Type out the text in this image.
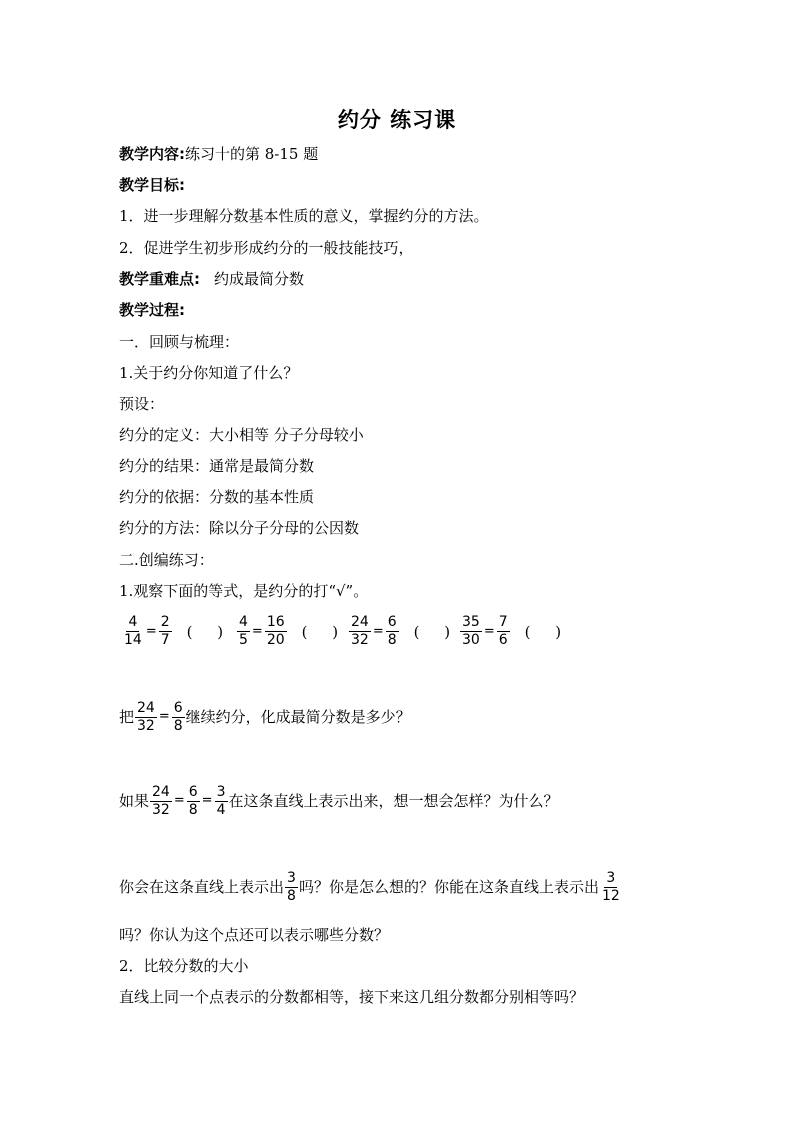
约分 练习课
教学内容:练习十的第 8-15 题
教学目标:
1．进一步理解分数基本性质的意义，掌握约分的方法。
2．促进学生初步形成约分的一般技能技巧，
教学重难点: 约成最简分数
教学过程:
一．回顾与梳理：
1.关于约分你知道了什么？
预设：
约分的定义：大小相等 分子分母较小
约分的结果：通常是最简分数
约分的依据：分数的基本性质
约分的方法：除以分子分母的公因数
二.创编练习：
1.观察下面的等式，是约分的打“√”。
$\frac{4}{14} = \frac{2}{7}$ ( ) $\frac{4}{5} = \frac{16}{20}$ ( ) $\frac{24}{32} = \frac{6}{8}$ ( ) $\frac{35}{30} = \frac{7}{6}$ ( )
把 $\frac{24}{32} = \frac{6}{8}$ 继续约分，化成最简分数是多少？
如果 $\frac{24}{32} = \frac{6}{8} = \frac{3}{4}$ 在这条直线上表示出来，想一想会怎样？为什么？
你会在这条直线上表示出 $\frac{3}{8}$ 吗？你是怎么想的？你能在这条直线上表示出 $\frac{3}{12}$
吗？你认为这个点还可以表示哪些分数？
2．比较分数的大小
直线上同一个点表示的分数都相等，接下来这几组分数都分别相等吗？
